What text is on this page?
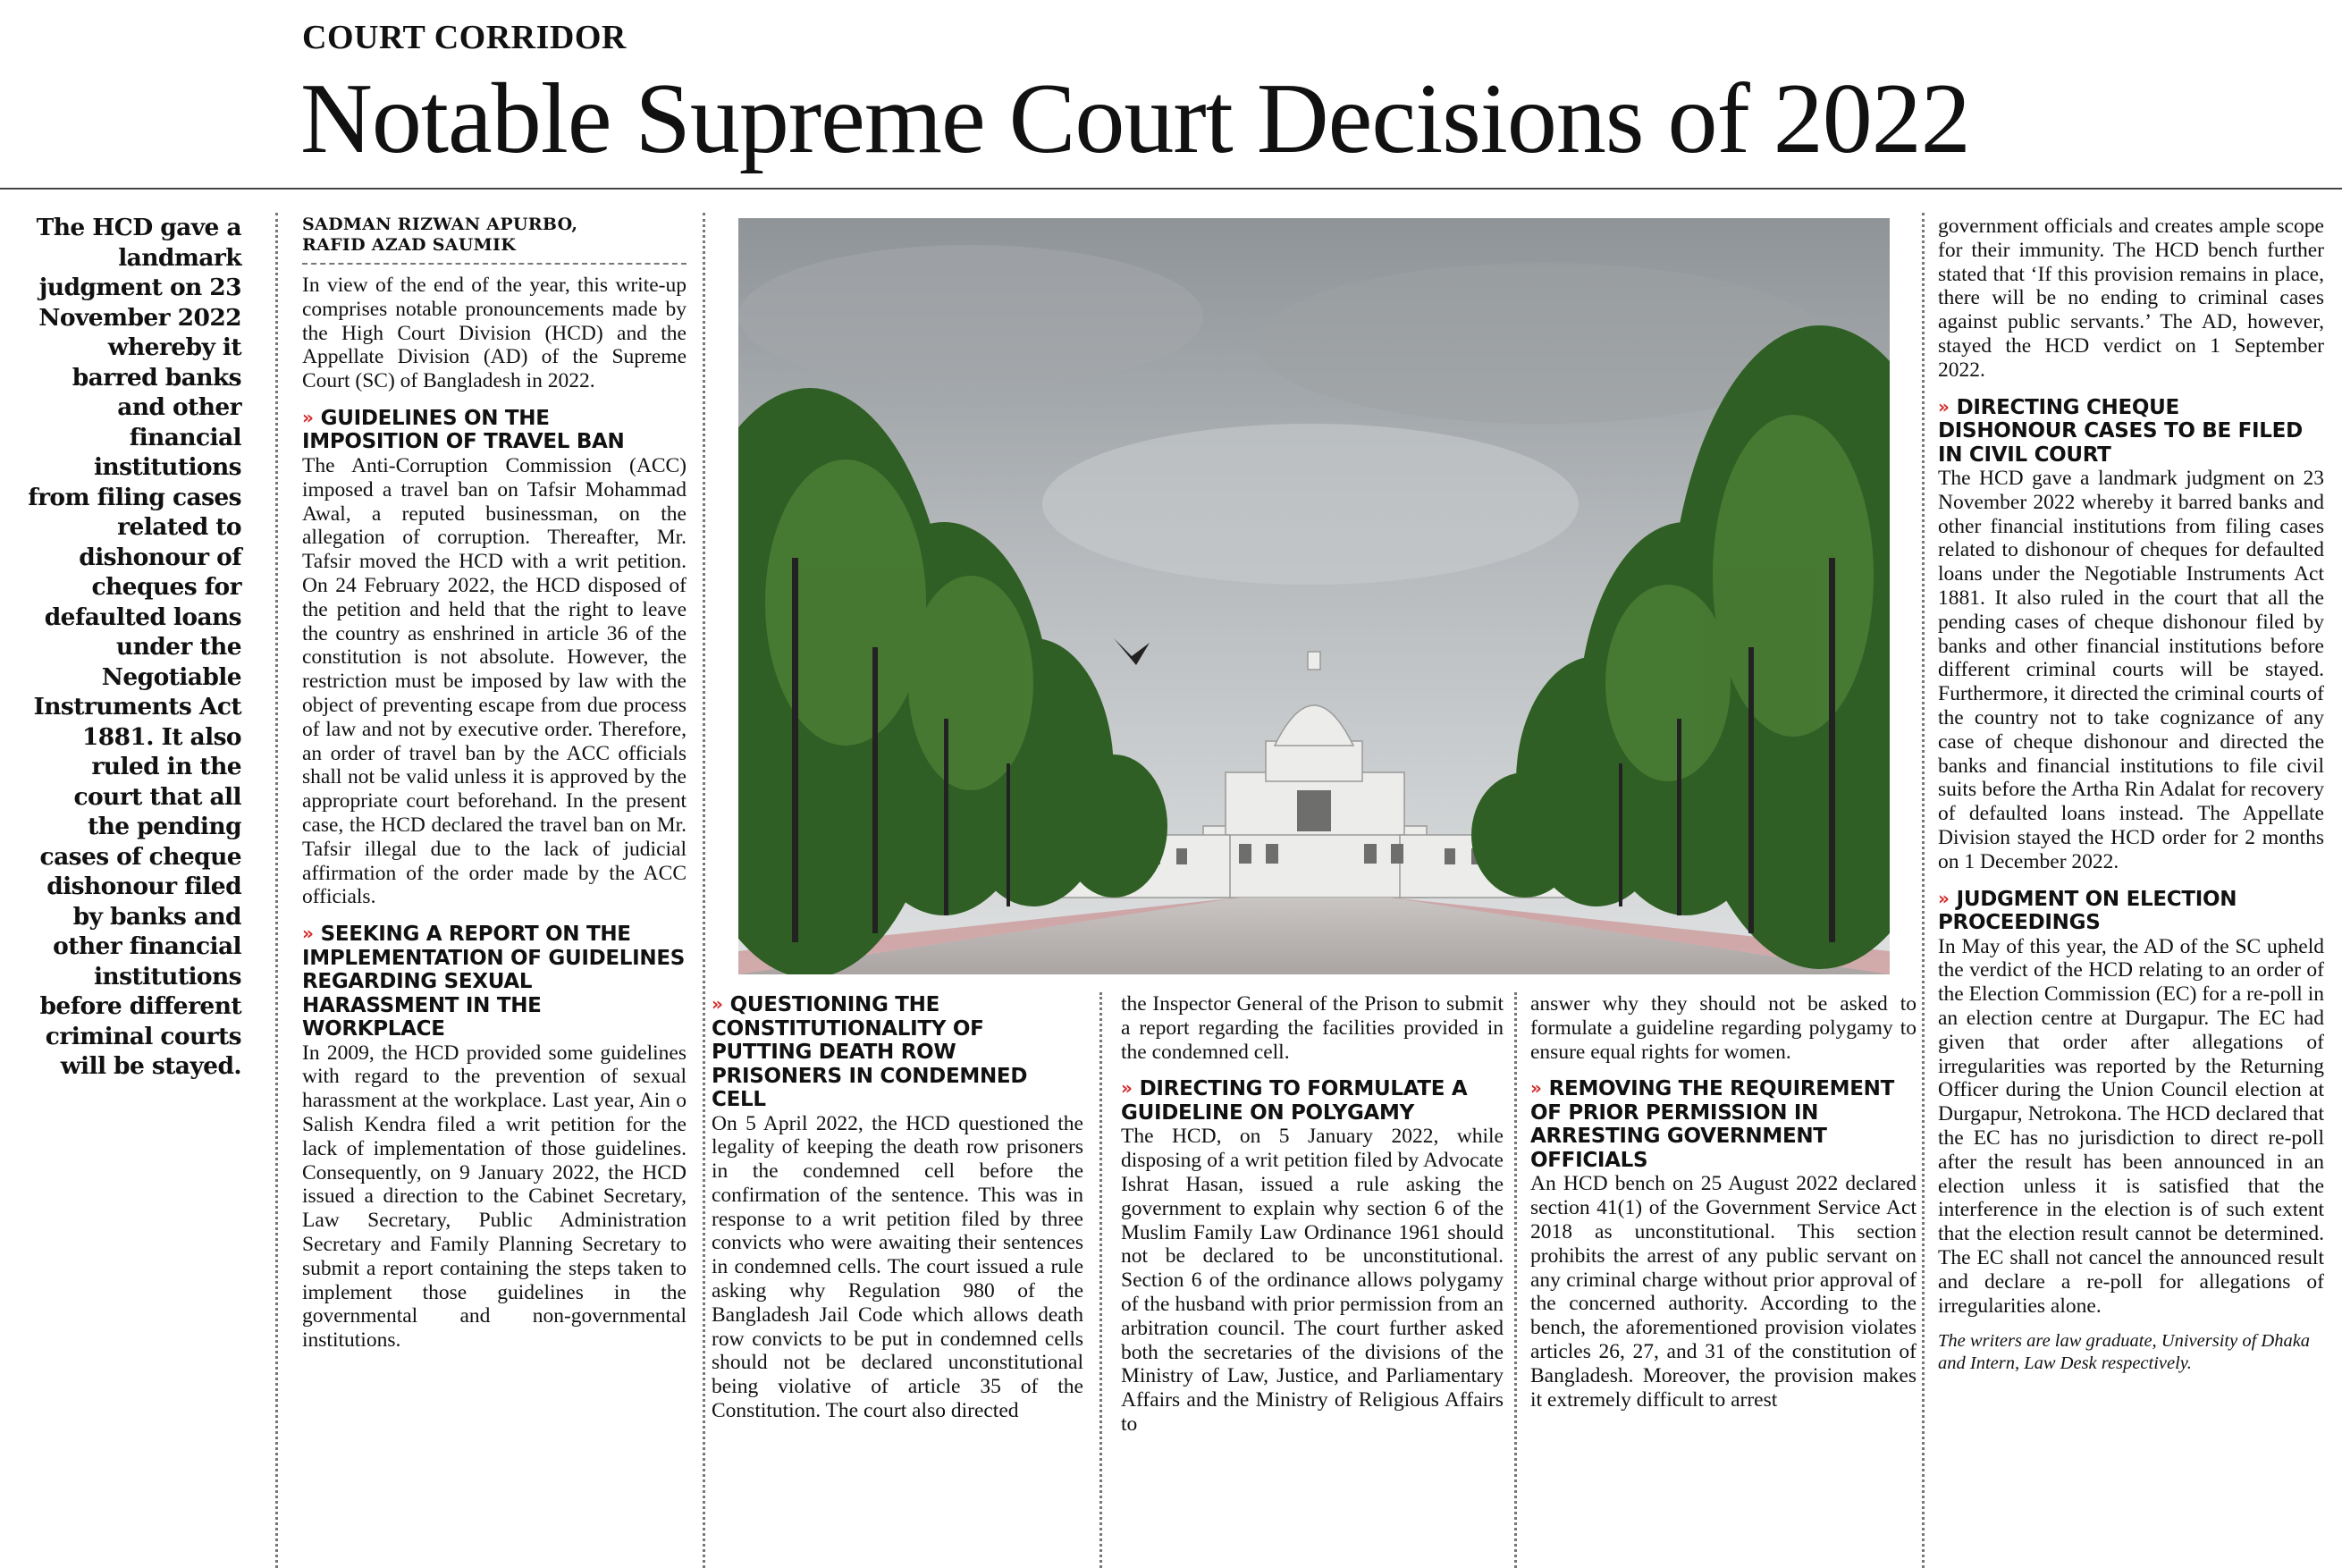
COURT CORRIDOR
Notable Supreme Court Decisions of 2022
The HCD gave a landmark judgment on 23 November 2022 whereby it barred banks and other financial institutions from filing cases related to dishonour of cheques for defaulted loans under the Negotiable Instruments Act 1881. It also ruled in the court that all the pending cases of cheque dishonour filed by banks and other financial institutions before different criminal courts will be stayed.
SADMAN RIZWAN APURBO,
RAFID AZAD SAUMIK

In view of the end of the year, this write-up comprises notable pronouncements made by the High Court Division (HCD) and the Appellate Division (AD) of the Supreme Court (SC) of Bangladesh in 2022.

» GUIDELINES ON THE IMPOSITION OF TRAVEL BAN

The Anti-Corruption Commission (ACC) imposed a travel ban on Tafsir Mohammad Awal, a reputed businessman, on the allegation of corruption. Thereafter, Mr. Tafsir moved the HCD with a writ petition. On 24 February 2022, the HCD disposed of the petition and held that the right to leave the country as enshrined in article 36 of the constitution is not absolute. However, the restriction must be imposed by law with the object of preventing escape from due process of law and not by executive order. Therefore, an order of travel ban by the ACC officials shall not be valid unless it is approved by the appropriate court beforehand. In the present case, the HCD declared the travel ban on Mr. Tafsir illegal due to the lack of judicial affirmation of the order made by the ACC officials.

» SEEKING A REPORT ON THE IMPLEMENTATION OF GUIDELINES REGARDING SEXUAL HARASSMENT IN THE WORKPLACE

In 2009, the HCD provided some guidelines with regard to the prevention of sexual harassment at the workplace. Last year, Ain o Salish Kendra filed a writ petition for the lack of implementation of those guidelines. Consequently, on 9 January 2022, the HCD issued a direction to the Cabinet Secretary, Law Secretary, Public Administration Secretary and Family Planning Secretary to submit a report containing the steps taken to implement those guidelines in the governmental and non-governmental institutions.

» QUESTIONING THE CONSTITUTIONALITY OF PUTTING DEATH ROW PRISONERS IN CONDEMNED CELL

On 5 April 2022, the HCD questioned the legality of keeping the death row prisoners in the condemned cell before the confirmation of the sentence. This was in response to a writ petition filed by three convicts who were awaiting their sentences in condemned cells. The court issued a rule asking why Regulation 980 of the Bangladesh Jail Code which allows death row convicts to be put in condemned cells should not be declared unconstitutional being violative of article 35 of the Constitution. The court also directed

the Inspector General of the Prison to submit a report regarding the facilities provided in the condemned cell.

» DIRECTING TO FORMULATE A GUIDELINE ON POLYGAMY

The HCD, on 5 January 2022, while disposing of a writ petition filed by Advocate Ishrat Hasan, issued a rule asking the government to explain why section 6 of the Muslim Family Law Ordinance 1961 should not be declared to be unconstitutional. Section 6 of the ordinance allows polygamy of the husband with prior permission from an arbitration council. The court further asked both the secretaries of the divisions of the Ministry of Law, Justice, and Parliamentary Affairs and the Ministry of Religious Affairs to

answer why they should not be asked to formulate a guideline regarding polygamy to ensure equal rights for women.

» REMOVING THE REQUIREMENT OF PRIOR PERMISSION IN ARRESTING GOVERNMENT OFFICIALS

An HCD bench on 25 August 2022 declared section 41(1) of the Government Service Act 2018 as unconstitutional. This section prohibits the arrest of any public servant on any criminal charge without prior approval of the concerned authority. According to the bench, the aforementioned provision violates articles 26, 27, and 31 of the constitution of Bangladesh. Moreover, the provision makes it extremely difficult to arrest

government officials and creates ample scope for their immunity. The HCD bench further stated that ‘If this provision remains in place, there will be no ending to criminal cases against public servants.’ The AD, however, stayed the HCD verdict on 1 September 2022.

» DIRECTING CHEQUE DISHONOUR CASES TO BE FILED IN CIVIL COURT

The HCD gave a landmark judgment on 23 November 2022 whereby it barred banks and other financial institutions from filing cases related to dishonour of cheques for defaulted loans under the Negotiable Instruments Act 1881. It also ruled in the court that all the pending cases of cheque dishonour filed by banks and other financial institutions before different criminal courts will be stayed. Furthermore, it directed the criminal courts of the country not to take cognizance of any case of cheque dishonour and directed the banks and financial institutions to file civil suits before the Artha Rin Adalat for recovery of defaulted loans instead. The Appellate Division stayed the HCD order for 2 months on 1 December 2022.

» JUDGMENT ON ELECTION PROCEEDINGS

In May of this year, the AD of the SC upheld the verdict of the HCD relating to an order of the Election Commission (EC) for a re-poll in an election centre at Durgapur. The EC had given that order after allegations of irregularities was reported by the Returning Officer during the Union Council election at Durgapur, Netrokona. The HCD declared that the EC has no jurisdiction to direct re-poll after the result has been announced in an election unless it is satisfied that the interference in the election is of such extent that the election result cannot be determined. The EC shall not cancel the announced result and declare a re-poll for allegations of irregularities alone.

The writers are law graduate, University of Dhaka and Intern, Law Desk respectively.
